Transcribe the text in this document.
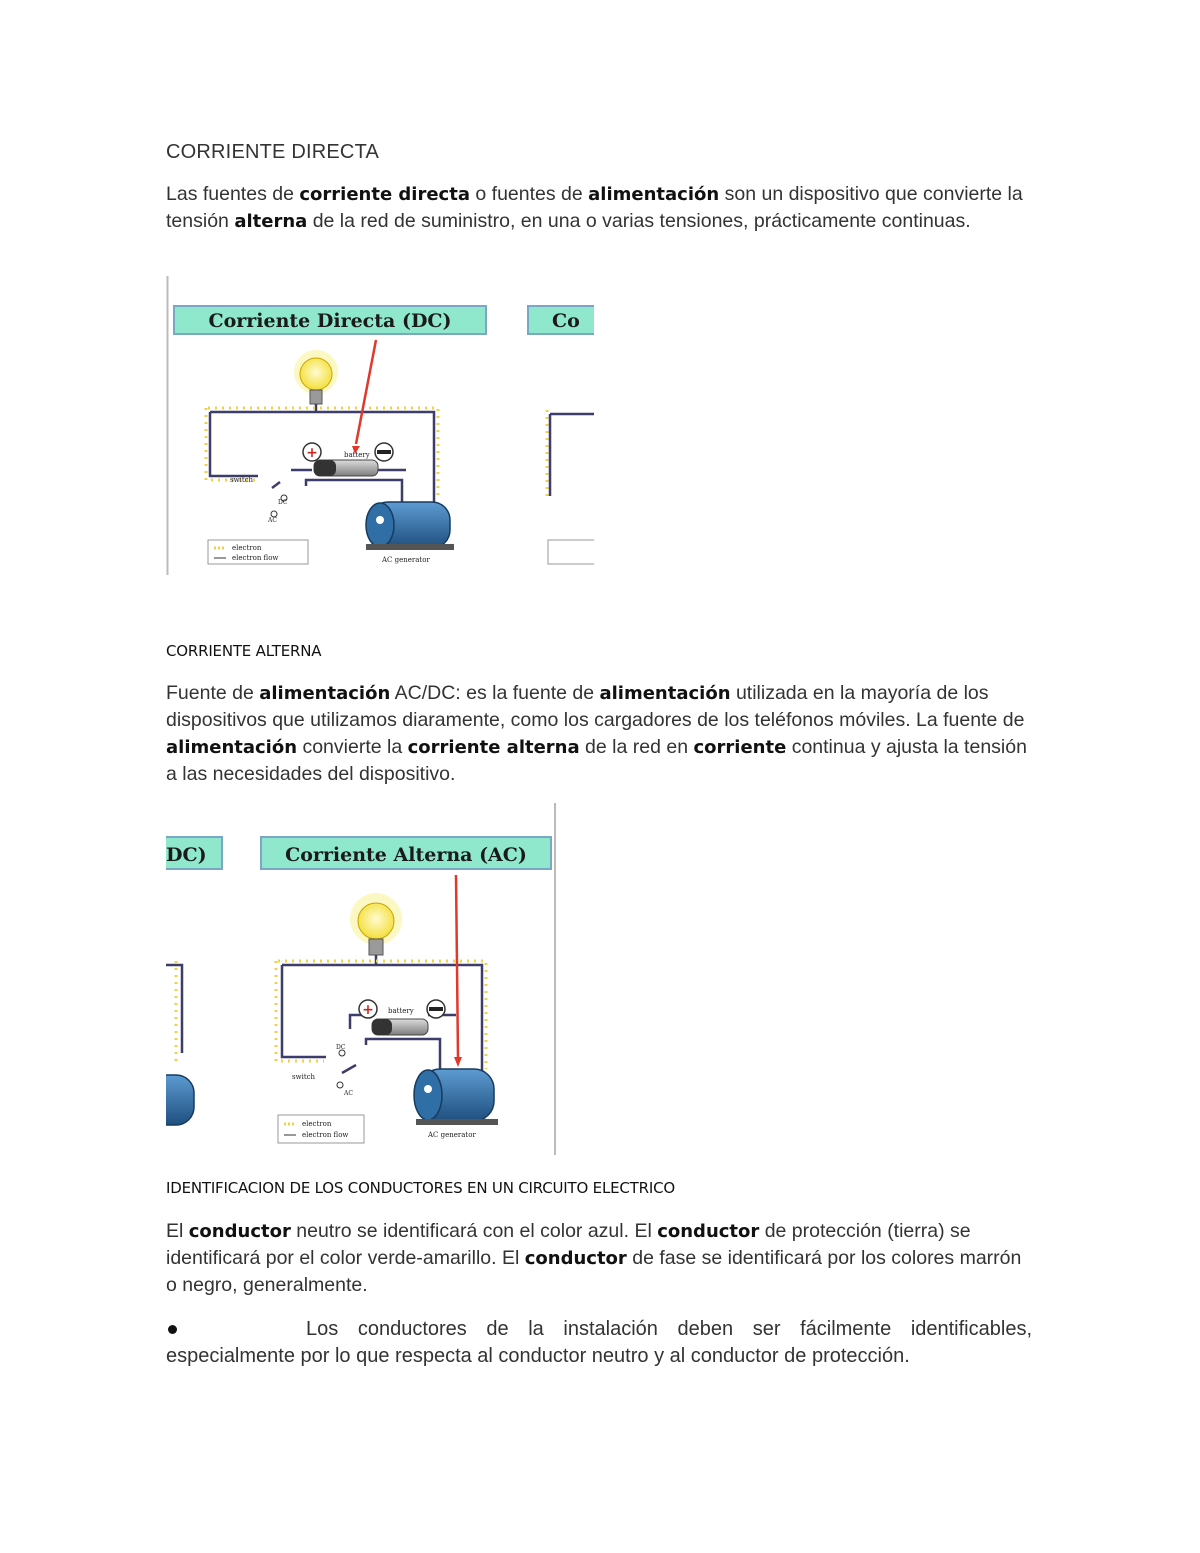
CORRIENTE DIRECTA
Las fuentes de corriente directa o fuentes de alimentación son un dispositivo que convierte la tensión alterna de la red de suministro, en una o varias tensiones, prácticamente continuas.
Corriente Directa (DC)	Co
+	battery
switch
DC
AC
AC generator
electron
electron flow
CORRIENTE ALTERNA
Fuente de alimentación AC/DC: es la fuente de alimentación utilizada en la mayoría de los dispositivos que utilizamos diaramente, como los cargadores de los teléfonos móviles. La fuente de alimentación convierte la corriente alterna de la red en corriente continua y ajusta la tensión a las necesidades del dispositivo.
DC)	Corriente Alterna (AC)
+ battery
switch
DC
AC
AC generator
electron
electron flow
IDENTIFICACION DE LOS CONDUCTORES EN UN CIRCUITO ELECTRICO
El conductor neutro se identificará con el color azul. El conductor de protección (tierra) se identificará por el color verde-amarillo. El conductor de fase se identificará por los colores marrón o negro, generalmente.
Los conductores de la instalación deben ser fácilmente identificables, especialmente por lo que respecta al conductor neutro y al conductor de protección.
